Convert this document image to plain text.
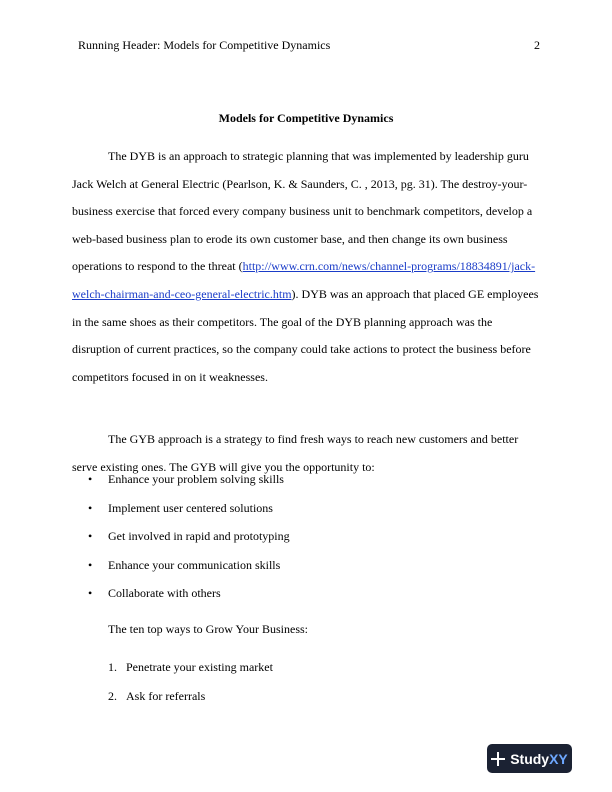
Running Header: Models for Competitive Dynamics	2
Models for Competitive Dynamics

The DYB is an approach to strategic planning that was implemented by leadership guru Jack Welch at General Electric (Pearlson, K. & Saunders, C. , 2013, pg. 31). The destroy-your-business exercise that forced every company business unit to benchmark competitors, develop a web-based business plan to erode its own customer base, and then change its own business operations to respond to the threat (http://www.crn.com/news/channel-programs/18834891/jack-welch-chairman-and-ceo-general-electric.htm). DYB was an approach that placed GE employees in the same shoes as their competitors. The goal of the DYB planning approach was the disruption of current practices, so the company could take actions to protect the business before competitors focused in on it weaknesses.

The GYB approach is a strategy to find fresh ways to reach new customers and better serve existing ones. The GYB will give you the opportunity to:

• Enhance your problem solving skills
• Implement user centered solutions
• Get involved in rapid and prototyping
• Enhance your communication skills
• Collaborate with others

The ten top ways to Grow Your Business:

1. Penetrate your existing market
2. Ask for referrals
Study XY
